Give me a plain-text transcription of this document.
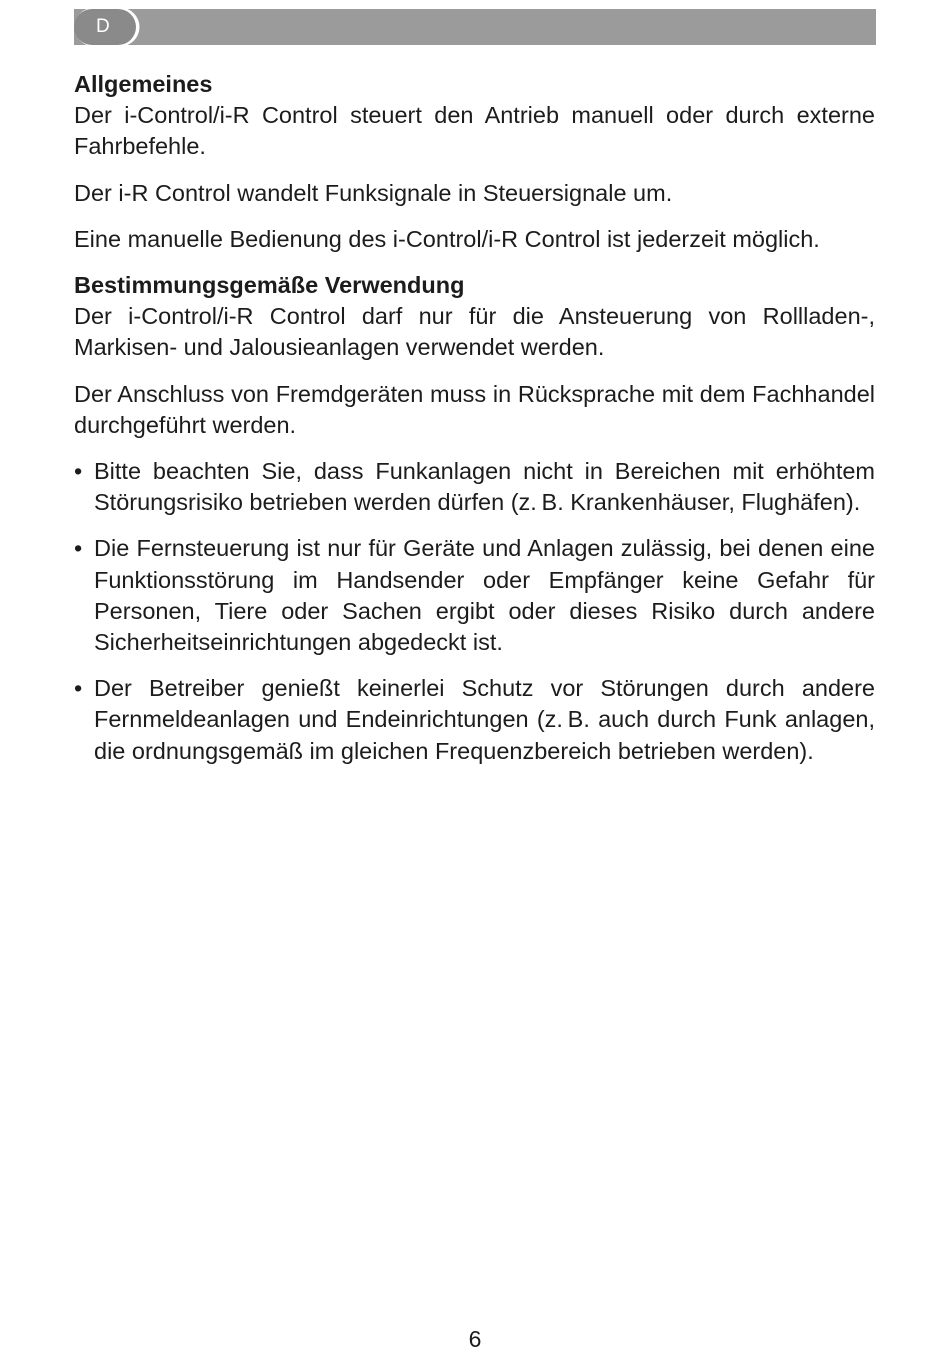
D
Allgemeines

Der i-Control/i-R Control steuert den Antrieb manuell oder durch externe Fahrbefehle.

Der i-R Control wandelt Funksignale in Steuersignale um.

Eine manuelle Bedienung des i-Control/i-R Control ist jederzeit möglich.

Bestimmungsgemäße Verwendung

Der i-Control/i-R Control darf nur für die Ansteuerung von Rollladen-, Markisen- und Jalousieanlagen verwendet werden.

Der Anschluss von Fremdgeräten muss in Rücksprache mit dem Fachhandel durchgeführt werden.

• Bitte beachten Sie, dass Funkanlagen nicht in Bereichen mit erhöhtem Störungsrisiko betrieben werden dürfen (z. B. Krankenhäuser, Flughäfen).
• Die Fernsteuerung ist nur für Geräte und Anlagen zulässig, bei denen eine Funktionsstörung im Handsender oder Empfänger keine Gefahr für Personen, Tiere oder Sachen ergibt oder dieses Risiko durch andere Sicherheitseinrichtungen abgedeckt ist.
• Der Betreiber genießt keinerlei Schutz vor Störungen durch andere Fernmeldeanlagen und Endeinrichtungen (z. B. auch durch Funk anlagen, die ordnungsgemäß im gleichen Frequenzbereich betrieben werden).
6
